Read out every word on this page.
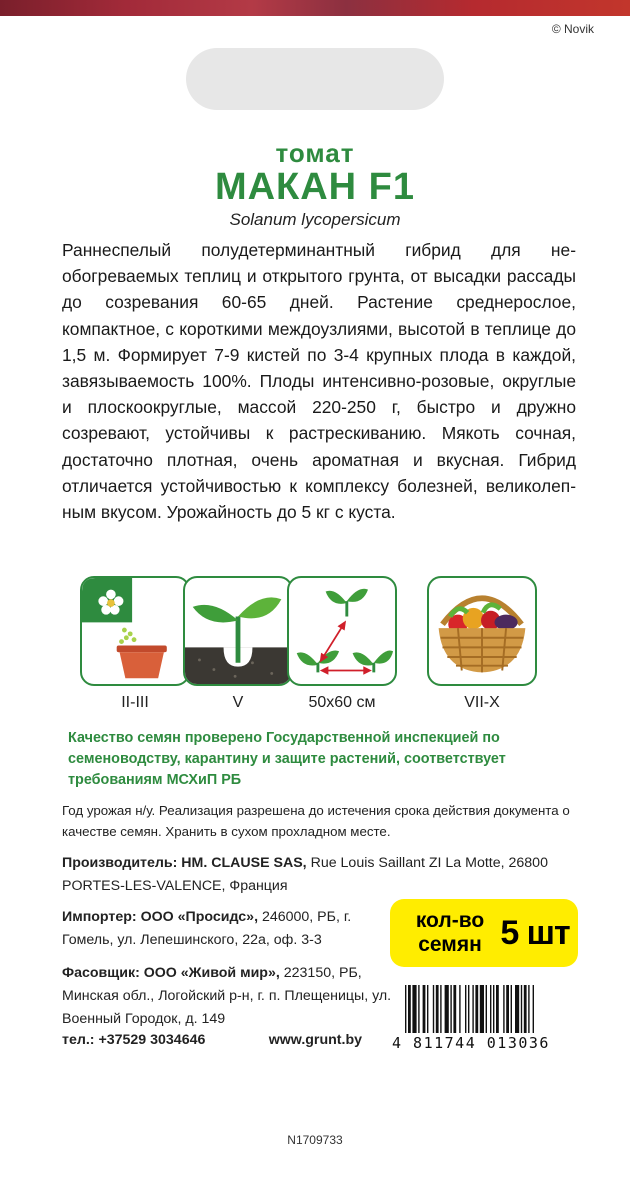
© Novik
томат
МАКАН F1
Solanum lycopersicum
Раннеспелый полудетерминантный гибрид для необогреваемых теплиц и открытого грунта, от высадки рассады до созревания 60-65 дней. Растение среднерослое, компактное, с короткими междоузлиями, высотой в теплице до 1,5 м. Формирует 7-9 кистей по 3-4 крупных плода в каждой, завязываемость 100%. Плоды интенсивно-розовые, округлые и плоскоокруглые, массой 220-250 г, быстро и дружно созревают, устойчивы к растрескиванию. Мякоть сочная, достаточно плотная, очень ароматная и вкусная. Гибрид отличается устойчивостью к комплексу болезней, великолепным вкусом. Урожайность до 5 кг с куста.
II-III	V	50х60 см	VII-X
Качество семян проверено Государственной инспекцией по семеноводству, карантину и защите растений, соответствует требованиям МСХиП РБ
Год урожая н/у. Реализация разрешена до истечения срока действия документа о качестве семян. Хранить в сухом прохладном месте.
Производитель: HM. CLAUSE SAS, Rue Louis Saillant ZI La Motte, 26800 PORTES-LES-VALENCE, Франция
Импортер: ООО «Просидс», 246000, РБ, г. Гомель, ул. Лепешинского, 22а, оф. 3-3
Фасовщик: ООО «Живой мир», 223150, РБ, Минская обл., Логойский р-н, г. п. Плещеницы, ул. Военный Городок, д. 149
тел.: +37529 3034646	www.grunt.by
кол-во
семян 5 шт
4 811744 013036
N1709733
